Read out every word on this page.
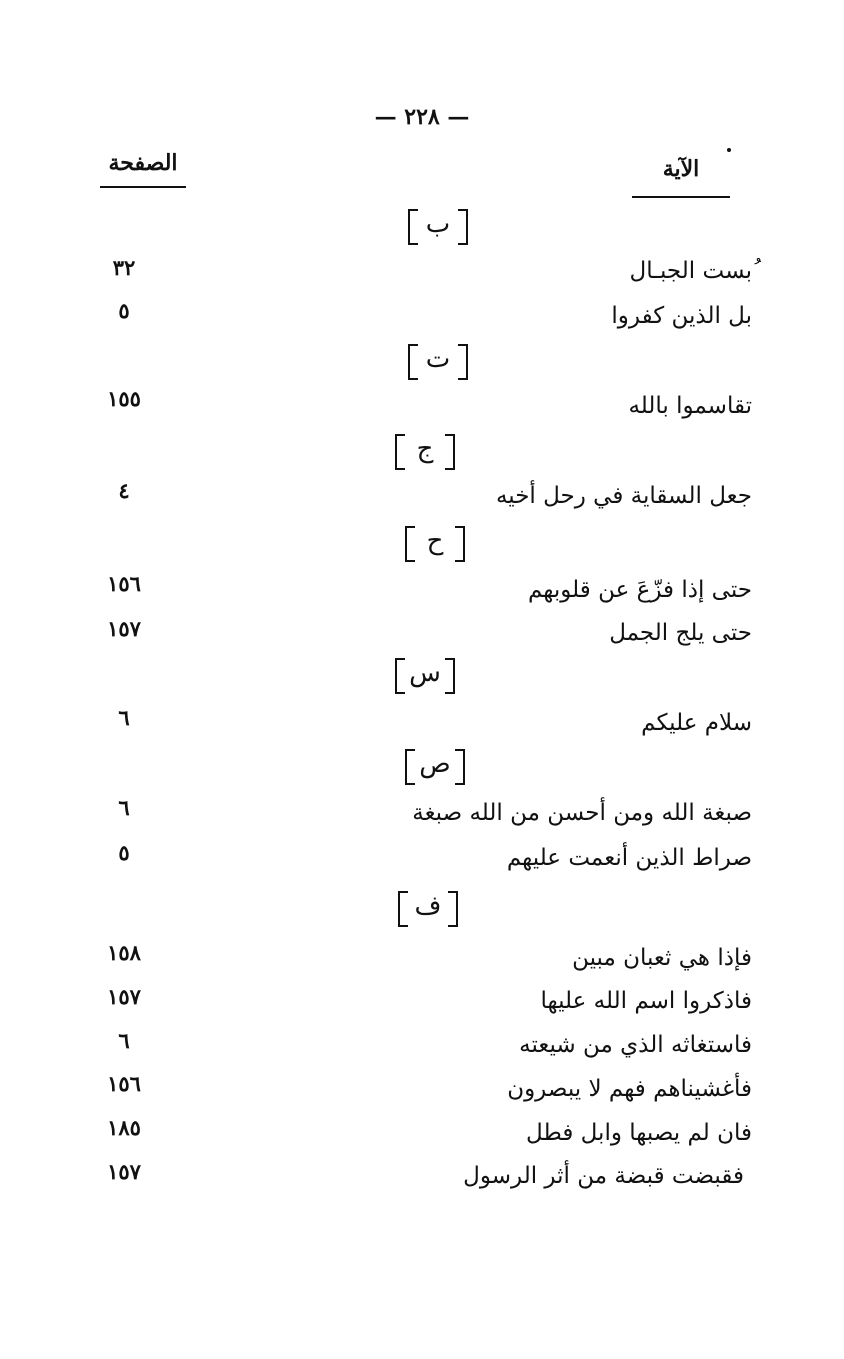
— ٢٢٨ —
الصفحة	الآية
ب
ُبست الجبـال
٣٢
بل الذين كفروا
٥
ت
تقاسموا بالله
١٥٥
ج
جعل السقاية في رحل أخيه
٤
ح
حتى إذا فزّعَ عن قلوبهم
١٥٦
حتى يلج الجمل
١٥٧
س
سلام عليكم
٦
ص
صبغة الله ومن أحسن من الله صبغة
٦
صراط الذين أنعمت عليهم
٥
ف
فإذا هي ثعبان مبين
١٥٨
فاذكروا اسم الله عليها
١٥٧
فاستغاثه الذي من شيعته
٦
فأغشيناهم فهم لا يبصرون
١٥٦
فان لم يصبها وابل فطل
١٨٥
فقبضت قبضة من أثر الرسول
١٥٧
